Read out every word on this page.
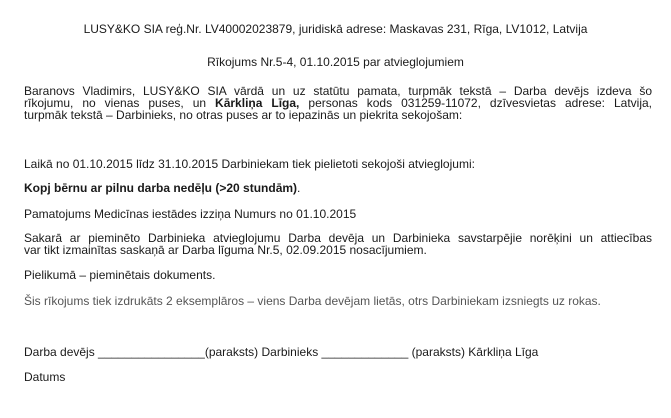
LUSY&KO SIA reģ.Nr. LV40002023879, juridiskā adrese: Maskavas 231, Rīga, LV1012, Latvija
Rīkojums Nr.5-4, 01.10.2015 par atvieglojumiem
Baranovs Vladimirs, LUSY&KO SIA vārdā un uz statūtu pamata, turpmāk tekstā – Darba devējs izdeva šo
rīkojumu, no vienas puses, un Kārkliņa Līga, personas kods 031259-11072, dzīvesvietas adrese: Latvija,
turpmāk tekstā – Darbinieks, no otras puses ar to iepazinās un piekrita sekojošam:
Laikā no 01.10.2015 līdz 31.10.2015 Darbiniekam tiek pielietoti sekojoši atvieglojumi:
Kopj bērnu ar pilnu darba nedēļu (>20 stundām).
Pamatojums Medicīnas iestādes izziņa Numurs no 01.10.2015
Sakarā ar pieminēto Darbinieka atvieglojumu Darba devēja un Darbinieka savstarpējie norēķini un attiecības
var tikt izmainītas saskaņā ar Darba līguma Nr.5, 02.09.2015 nosacījumiem.
Pielikumā – pieminētais dokuments.
Šis rīkojums tiek izdrukāts 2 eksemplāros – viens Darba devējam lietās, otrs Darbiniekam izsniegts uz rokas.
Darba devējs ________________(paraksts) Darbinieks _____________ (paraksts) Kārkliņa Līga
Datums
